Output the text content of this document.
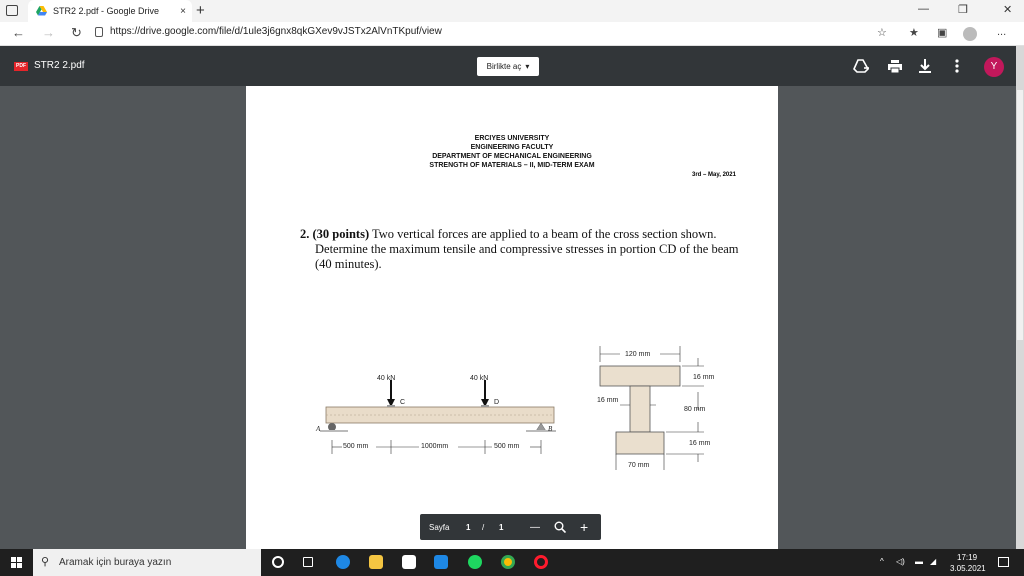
STR2 2.pdf - Google Drive	× +	—	❐	✕
← → ↻	https://drive.google.com/file/d/1ule3j6gnx8qkGXev9vJSTx2AlVnTKpuf/view	☆ ★ ▣	...
PDF STR2 2.pdf	Birlikte aç ▾	Y
ERCIYES UNIVERSITY
ENGINEERING FACULTY
DEPARTMENT OF MECHANICAL ENGINEERING
STRENGTH OF MATERIALS – II, MID-TERM EXAM
3rd – May, 2021
2. (30 points) Two vertical forces are applied to a beam of the cross section shown. Determine the maximum tensile and compressive stresses in portion CD of the beam (40 minutes).
40 kN	40 kN
C	D
A	B
500 mm	1000mm	500 mm
120 mm
16 mm
16 mm
80 mm
16 mm
70 mm
Sayfa 1 / 1	—	+
⚲ Aramak için buraya yazın	^ ◁) ▬ ◢	17:19
3.05.2021
